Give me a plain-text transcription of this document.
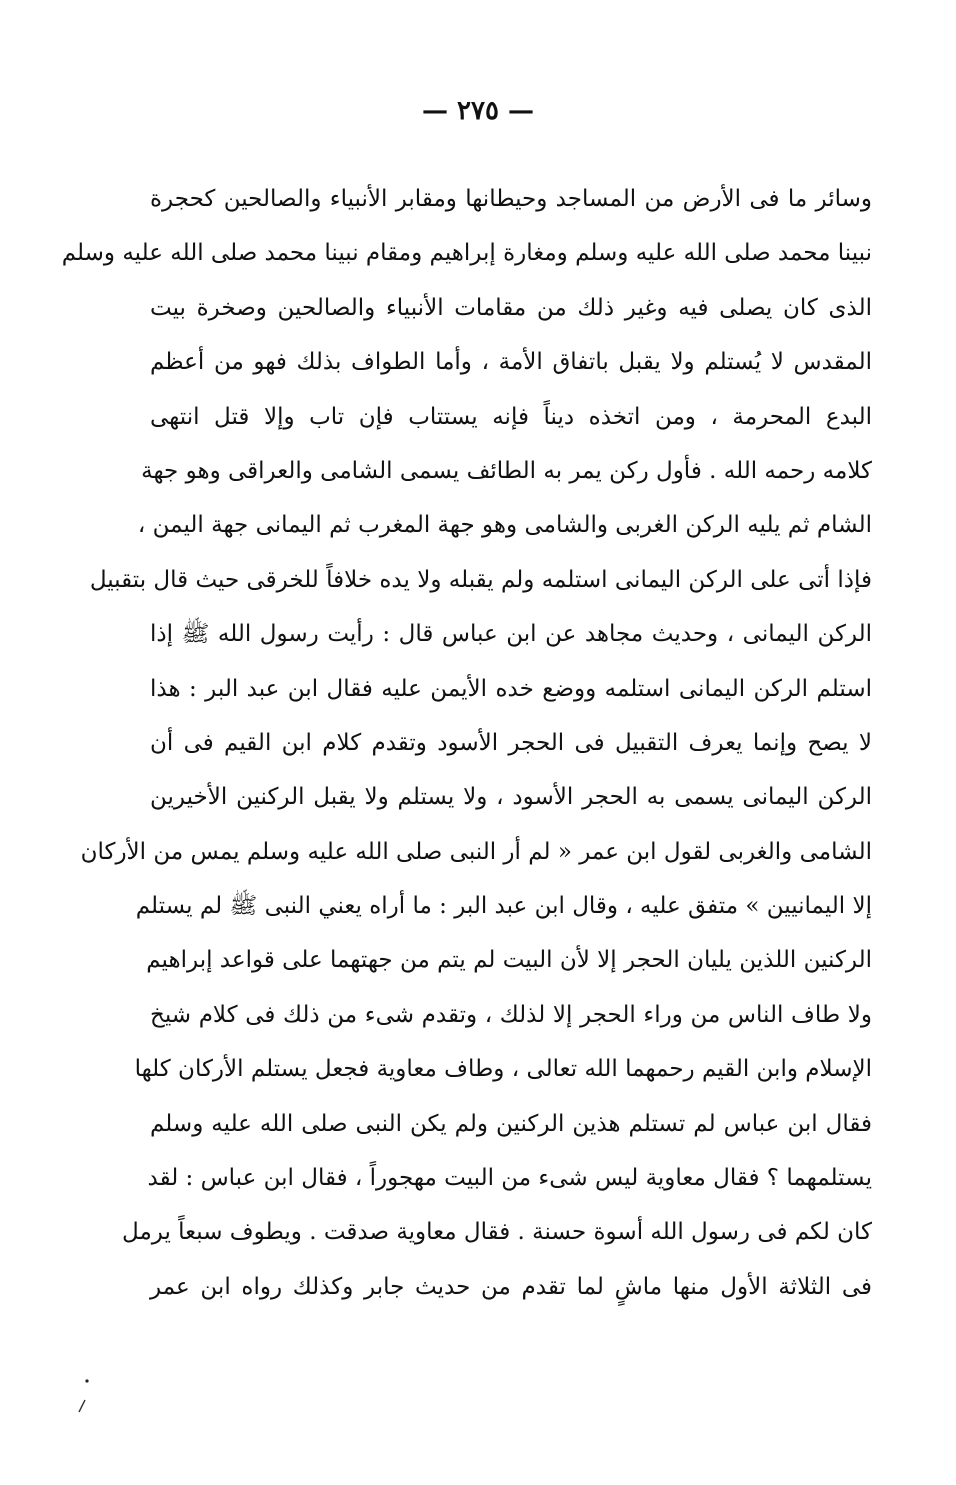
— ٢٧٥ —
وسائر ما فى الأرض من المساجد وحيطانها ومقابر الأنبياء والصالحين كحجرة
نبينا محمد صلى الله عليه وسلم ومغارة إبراهيم ومقام نبينا محمد صلى الله عليه وسلم
الذى كان يصلى فيه وغير ذلك من مقامات الأنبياء والصالحين وصخرة بيت
المقدس لا يُستلم ولا يقبل باتفاق الأمة ، وأما الطواف بذلك فهو من أعظم
البدع المحرمة ، ومن اتخذه ديناً فإنه يستتاب فإن تاب وإلا قتل انتهى
كلامه رحمه الله . فأول ركن يمر به الطائف يسمى الشامى والعراقى وهو جهة
الشام ثم يليه الركن الغربى والشامى وهو جهة المغرب ثم اليمانى جهة اليمن ،
فإذا أتى على الركن اليمانى استلمه ولم يقبله ولا يده خلافاً للخرقى حيث قال بتقبيل
الركن اليمانى ، وحديث مجاهد عن ابن عباس قال : رأيت رسول الله ﷺ إذا
استلم الركن اليمانى استلمه ووضع خده الأيمن عليه فقال ابن عبد البر : هذا
لا يصح وإنما يعرف التقبيل فى الحجر الأسود وتقدم كلام ابن القيم فى أن
الركن اليمانى يسمى به الحجر الأسود ، ولا يستلم ولا يقبل الركنين الأخيرين
الشامى والغربى لقول ابن عمر « لم أر النبى صلى الله عليه وسلم يمس من الأركان
إلا اليمانيين » متفق عليه ، وقال ابن عبد البر : ما أراه يعني النبى ﷺ لم يستلم
الركنين اللذين يليان الحجر إلا لأن البيت لم يتم من جهتهما على قواعد إبراهيم
ولا طاف الناس من وراء الحجر إلا لذلك ، وتقدم شىء من ذلك فى كلام شيخ
الإسلام وابن القيم رحمهما الله تعالى ، وطاف معاوية فجعل يستلم الأركان كلها
فقال ابن عباس لم تستلم هذين الركنين ولم يكن النبى صلى الله عليه وسلم
يستلمهما ؟ فقال معاوية ليس شىء من البيت مهجوراً ، فقال ابن عباس : لقد
كان لكم فى رسول الله أسوة حسنة . فقال معاوية صدقت . ويطوف سبعاً يرمل
فى الثلاثة الأول منها ماشٍ لما تقدم من حديث جابر وكذلك رواه ابن عمر
